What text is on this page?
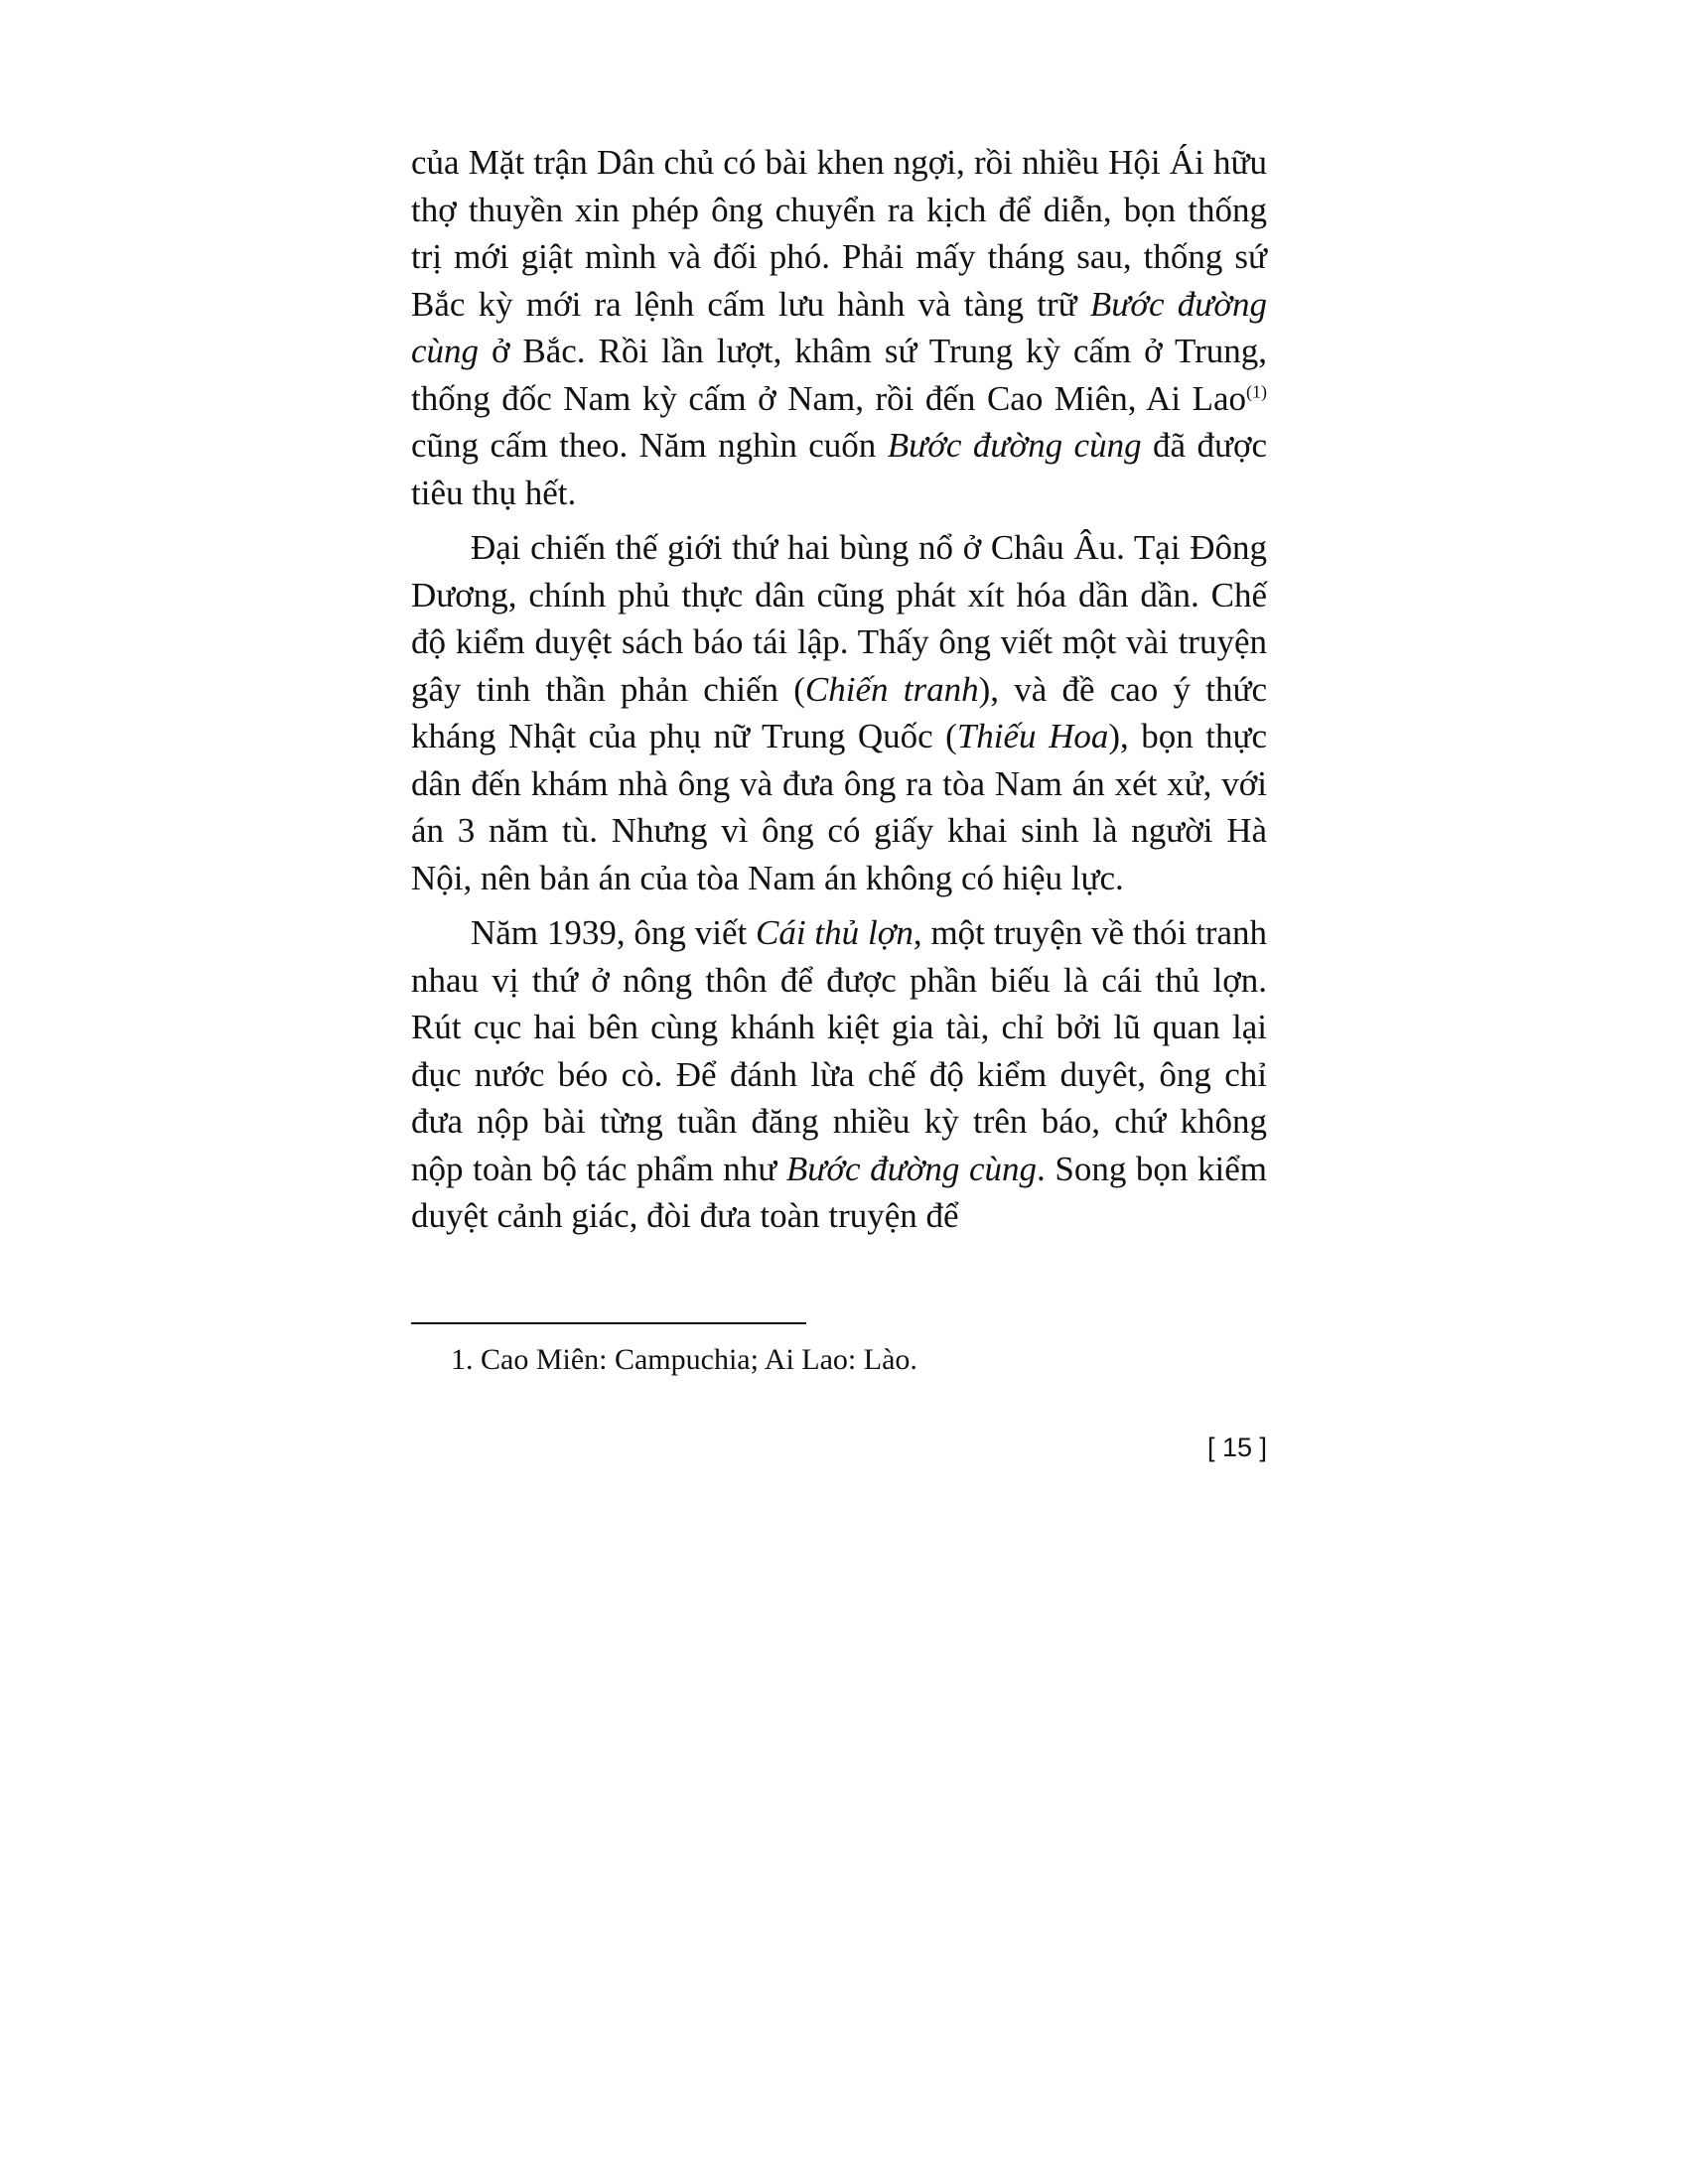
của Mặt trận Dân chủ có bài khen ngợi, rồi nhiều Hội Ái hữu thợ thuyền xin phép ông chuyển ra kịch để diễn, bọn thống trị mới giật mình và đối phó. Phải mấy tháng sau, thống sứ Bắc kỳ mới ra lệnh cấm lưu hành và tàng trữ Bước đường cùng ở Bắc. Rồi lần lượt, khâm sứ Trung kỳ cấm ở Trung, thống đốc Nam kỳ cấm ở Nam, rồi đến Cao Miên, Ai Lao$^{(1)}$ cũng cấm theo. Năm nghìn cuốn Bước đường cùng đã được tiêu thụ hết.

Đại chiến thế giới thứ hai bùng nổ ở Châu Âu. Tại Đông Dương, chính phủ thực dân cũng phát xít hóa dần dần. Chế độ kiểm duyệt sách báo tái lập. Thấy ông viết một vài truyện gây tinh thần phản chiến (Chiến tranh), và đề cao ý thức kháng Nhật của phụ nữ Trung Quốc (Thiếu Hoa), bọn thực dân đến khám nhà ông và đưa ông ra tòa Nam án xét xử, với án 3 năm tù. Nhưng vì ông có giấy khai sinh là người Hà Nội, nên bản án của tòa Nam án không có hiệu lực.

Năm 1939, ông viết Cái thủ lợn, một truyện về thói tranh nhau vị thứ ở nông thôn để được phần biếu là cái thủ lợn. Rút cục hai bên cùng khánh kiệt gia tài, chỉ bởi lũ quan lại đục nước béo cò. Để đánh lừa chế độ kiểm duyêt, ông chỉ đưa nộp bài từng tuần đăng nhiều kỳ trên báo, chứ không nộp toàn bộ tác phẩm như Bước đường cùng. Song bọn kiểm duyệt cảnh giác, đòi đưa toàn truyện để

1. Cao Miên: Campuchia; Ai Lao: Lào.
[ 15 ]
